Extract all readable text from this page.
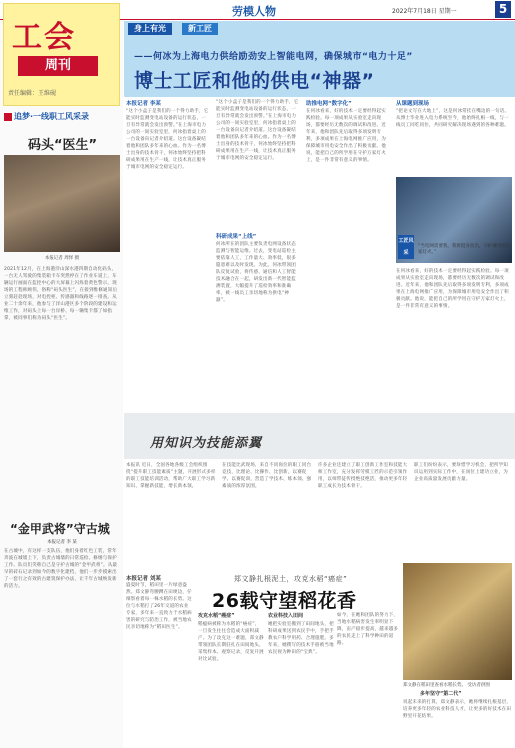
劳模人物	2022年7月18日 星期一	5
工会
周刊
责任编辑：王维砚
追梦·一线职工风采录
码头“医生”
本报记者 周怿 摄
2021年12月，在上海港洋山深水港四期自动化码头，一台无人驾驶的集装箱卡车突然停在了作业车道上，车辆运行画面在监控中心的大屏幕上闪烁着黄色警示。现场的工程师顾伟，俗称“码头医生”，在接到维修通知后立刻赶赴现场，对电控柜、传感器和线路逐一排查。从业二十余年来，他参与了洋山港区多个阶段的建设和运维工作，对码头上每一台岸桥、每一辆集卡都了如指掌，被同事们称为码头“医生”。
“金甲武将”守古城
本报记者 李 某
在古城中，有这样一支队伍，他们身着红色工装，常年奔波在城墙上下，负责古城墙的日常巡检、修缮与保护工作。队员们笑称自己是守护古城的“金甲武将”。从最早的砖石记录到如今的数字化建档，他们一步步摸索出了一套行之有效的古建筑保护办法，让千年古城焕发新的活力。
身上有光	新工匠
——何冰为上海电力供给励劲安上智能电网，确保城市“电力十足”
博士工匠和他的供电“神器”
本报记者 李某
“这个小盒子是我们的一个得力助手，它能实时监测变电站设备的运行状态，一旦有异常就会发出预警。”在上海市电力公司的一间实验室里，何冰指着桌上的一台设备向记者介绍道。这台设备凝结着他和团队多年来的心血。作为一名博士出身的技术骨干，何冰始终坚持把科研成果用在生产一线，让技术真正服务于城市电网的安全稳定运行。
科研成果“上线”
“这个小盒子是我们的一个得力助手，它能实时监测变电站设备的运行状态，一旦有异常就会发出预警。”在上海市电力公司的一间实验室里，何冰指着桌上的一台设备向记者介绍道。这台设备凝结着他和团队多年来的心血。作为一名博士出身的技术骨干，何冰始终坚持把科研成果用在生产一线，让技术真正服务于城市电网的安全稳定运行。
何冰所在的团队主要负责电网设备状态监测与智能运维。过去，变电站巡检主要依靠人工，工作量大、效率低，很多隐患难以及时发现。为此，何冰带领团队反复试验，将传感、通信和人工智能技术融合在一起，研发出新一代智能监测装置，大幅提升了巡检效率和准确率，被一线员工亲切地称为供电“神器”。
助推电网“数字化”
在何冰看来，好的技术一定要经得起实践检验。每一项成果从实验室走向现场，都要经历无数次的调试和改进。近年来，他和团队先后取得多项发明专利，多项成果在上海电网推广应用，为保障城市用电安全作出了积极贡献。他说，能把自己的所学用在守护万家灯火上，是一件非常有意义的事情。
从课题到现场
“把论文写在大地上”，这是何冰常挂在嘴边的一句话。从博士毕业进入电力系统至今，他始终扎根一线，与一线员工同吃同住，共同研究解决现场遇到的各种难题。
工匠风采
“当电网需要我，我将挺身而出，守护城市的万家灯火。”
在何冰看来，好的技术一定要经得起实践检验。每一项成果从实验室走向现场，都要经历无数次的调试和改进。近年来，他和团队先后取得多项发明专利，多项成果在上海电网推广应用，为保障城市用电安全作出了积极贡献。他说，能把自己的所学用在守护万家灯火上，是一件非常有意义的事情。
用知识为技能添翼
本报讯 近日，全国各地各级工会组织围绕“提升职工技能素质”主题，开展形式多样的职工技能培训活动，帮助广大职工学习新知识、掌握新技能，增长新本领。
在技能比武现场，来自不同岗位的职工同台竞技，比理论、比操作、比创新，以赛促学、以赛促训，营造了学技术、练本领、强素质的浓厚氛围。
许多企业还建立了职工创新工作室和技能大师工作室，充分发挥劳模工匠的示范引领作用，以师带徒传授绝技绝活，推动更多年轻职工成长为技术骨干。
职工们纷纷表示，要珍惜学习机会，把所学知识运用到实际工作中，在岗位上建功立业，为企业高质量发展贡献力量。
郑文静扎根泥土，攻克水稻“癌症”
26载守望稻花香
郑文静在稻田里查看水稻长势。 受访者供图
本报记者 刘某
盛夏时节，稻田里一片绿意盎然。郑文静弯腰蹲在田埂边，仔细察看着每一株水稻的长势。这位与水稻打了26年交道的农业专家，多年来一直致力于水稻病害的研究与防治工作，被当地农民亲切地称为“稻田医生”。
攻克水稻“癌症”
稻瘟病被称为水稻的“癌症”，一旦发生往往会造成大面积减产。为了攻克这一难题，郑文静带领团队长期驻扎在田间地头，采集样本、观察记录，反复开展对比试验。
农业科技入田间
她把实验室搬到了田间地头，把科研成果送到农民手中，手把手教农户科学用药、合理施肥。多年来，她撰写的技术手册被当地农民视为种田的“宝典”。
如今，在她和团队的努力下，当地水稻病害发生率明显下降，亩产稳步提高，越来越多的农民走上了科学种田的道路。
多年坚守“第二代”
说起未来的打算，郑文静表示，她将继续扎根基层，培养更多年轻的农业科技人才，让更多的好技术在田野里开花结果。
